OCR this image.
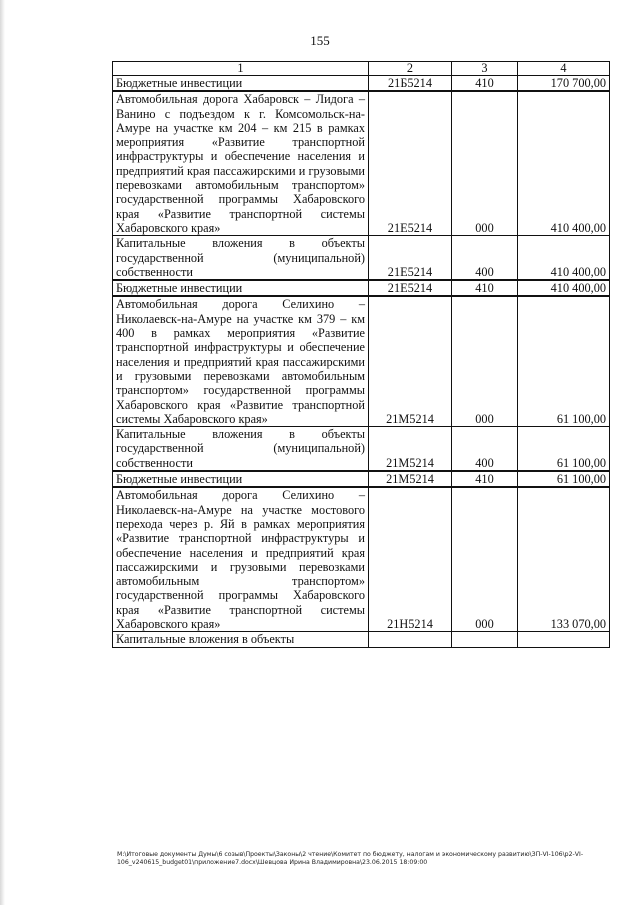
155
1	2	3	4
Бюджетные инвестиции	21Б5214	410	170 700,00
Автомобильная дорога Хабаровск – Лидога – Ванино с подъездом к г. Комсомольск-на-Амуре на участке км 204 – км 215 в рамках мероприятия «Развитие транспортной инфраструктуры и обеспечение населения и предприятий края пассажирскими и грузовыми перевозками автомобильным транспортом» государственной программы Хабаровского края «Развитие транспортной системы Хабаровского края»	21Е5214	000	410 400,00
Капитальные вложения в объекты государственной (муниципальной) собственности	21Е5214	400	410 400,00
Бюджетные инвестиции	21Е5214	410	410 400,00
Автомобильная дорога Селихино – Николаевск-на-Амуре на участке км 379 – км 400 в рамках мероприятия «Развитие транспортной инфраструктуры и обеспечение населения и предприятий края пассажирскими и грузовыми перевозками автомобильным транспортом» государственной программы Хабаровского края «Развитие транспортной системы Хабаровского края»	21М5214	000	61 100,00
Капитальные вложения в объекты государственной (муниципальной) собственности	21М5214	400	61 100,00
Бюджетные инвестиции	21М5214	410	61 100,00
Автомобильная дорога Селихино – Николаевск-на-Амуре на участке мостового перехода через р. Яй в рамках мероприятия «Развитие транспортной инфраструктуры и обеспечение населения и предприятий края пассажирскими и грузовыми перевозками автомобильным транспортом» государственной программы Хабаровского края «Развитие транспортной системы Хабаровского края»	21Н5214	000	133 070,00
Капитальные вложения в объекты			
M:\Итоговые документы Думы\6 созыв\Проекты\Законы\2 чтение\Комитет по бюджету, налогам и экономическому развитию\ЗП-VI-106\р2-VI-106_v240615_budget01\приложение7.docx\Шевцова Ирина Владимировна\23.06.2015 18:09:00
